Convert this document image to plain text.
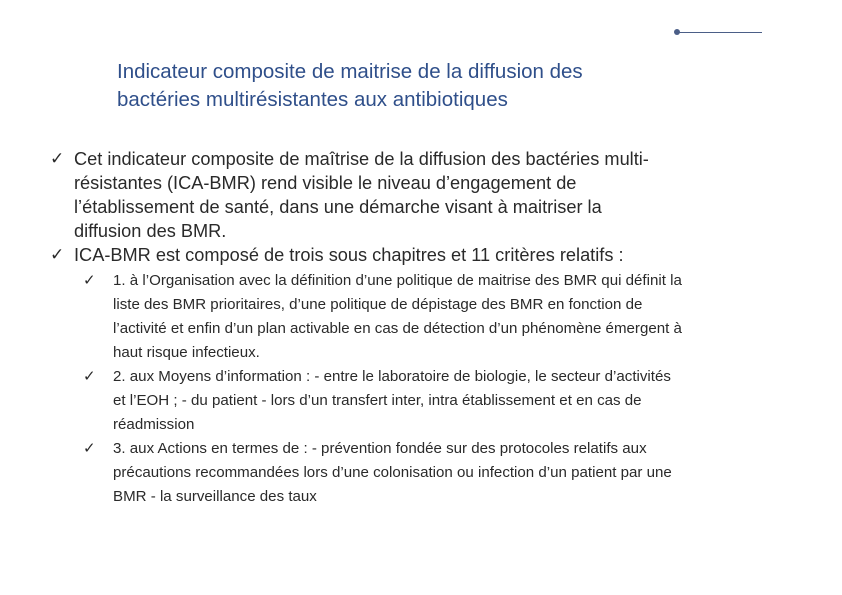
Indicateur composite de maitrise de la diffusion des
bactéries multirésistantes aux antibiotiques
✓ Cet indicateur composite de maîtrise de la diffusion des bactéries multi-
résistantes (ICA-BMR) rend visible le niveau d’engagement de
l’établissement de santé, dans une démarche visant à maitriser la
diffusion des BMR.
✓ ICA-BMR est composé de trois sous chapitres et 11 critères relatifs :
✓ 1. à l’Organisation avec la définition d’une politique de maitrise des BMR qui définit la
liste des BMR prioritaires, d’une politique de dépistage des BMR en fonction de
l’activité et enfin d’un plan activable en cas de détection d’un phénomène émergent à
haut risque infectieux.
✓ 2. aux Moyens d’information : - entre le laboratoire de biologie, le secteur d’activités
et l’EOH ; - du patient - lors d’un transfert inter, intra établissement et en cas de
réadmission
✓ 3. aux Actions en termes de : - prévention fondée sur des protocoles relatifs aux
précautions recommandées lors d’une colonisation ou infection d’un patient par une
BMR - la surveillance des taux
